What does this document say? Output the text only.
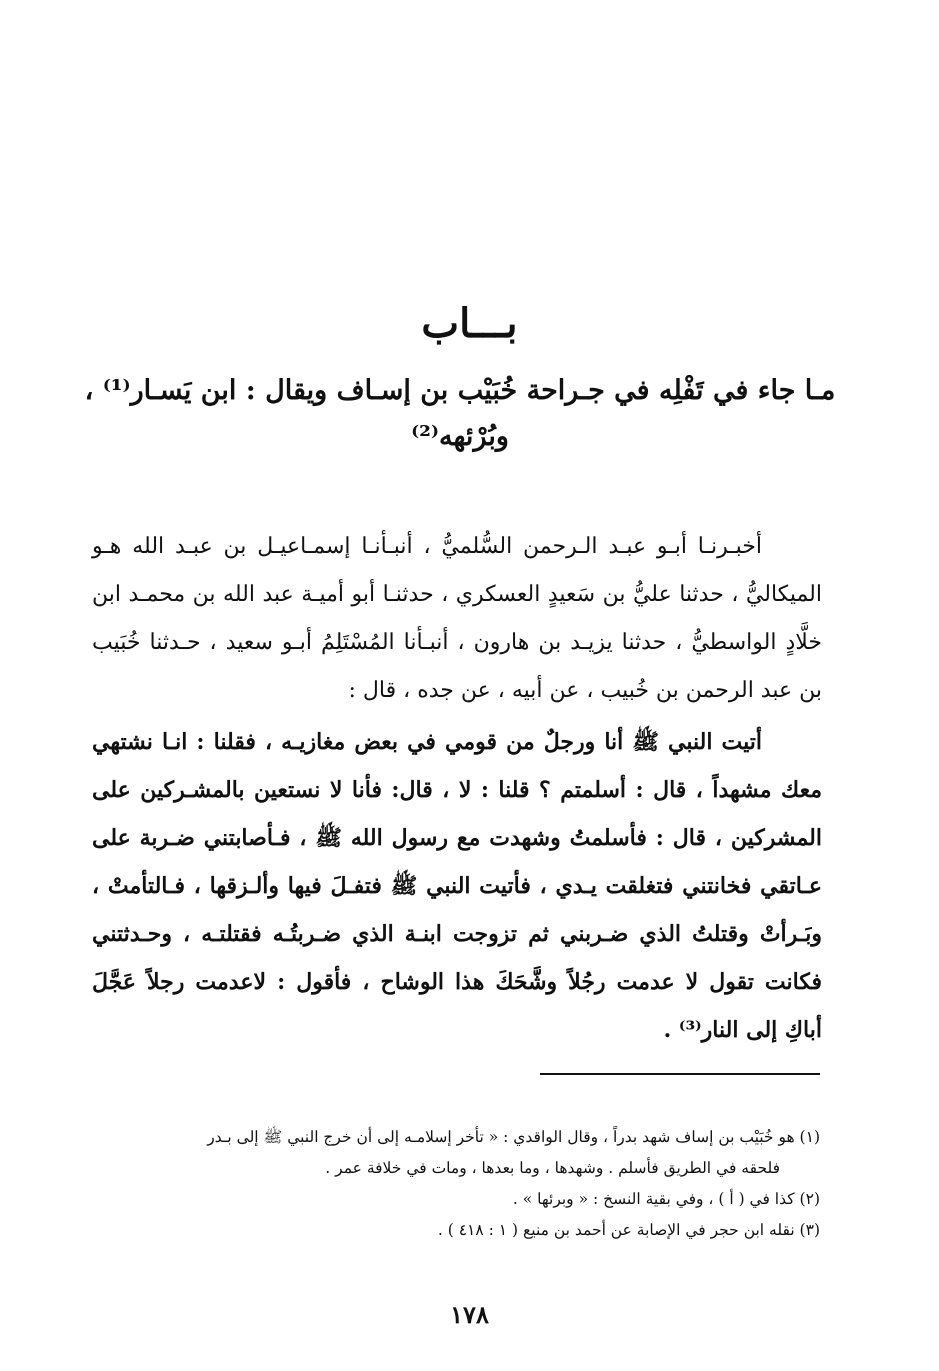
بـــاب
مـا جاء في تَفْلِه في جـراحة خُبَيْب بن إسـاف ويقال : ابن يَسـار⁽¹⁾ ، وبُرْئهه⁽²⁾

أخبـرنـا أبـو عبـد الـرحمن السُّلميُّ ، أنبـأنـا إسمـاعيـل بن عبـد الله هـو الميكاليُّ ، حدثنا عليُّ بن سَعيدٍ العسكري ، حدثنـا أبو أميـة عبد الله بن محمـد ابن خلَّادٍ الواسطيُّ ، حدثنا يزيـد بن هارون ، أنبـأنا المُسْتَلِمُ أبـو سعيد ، حـدثنا خُبَيب بن عبد الرحمن بن خُبيب ، عن أبيه ، عن جده ، قال :

أتيت النبي ﷺ أنا ورجلٌ من قومي في بعض مغازيـه ، فقلنا : انـا نشتهي معك مشهداً ، قال : أسلمتم ؟ قلنا : لا ، قال: فأنا لا نستعين بالمشـركين على المشركين ، قال : فأسلمتُ وشهدت مع رسول الله ﷺ ، فـأصابتني ضـربة على عـاتقي فخانتني فتغلقت يـدي ، فأتيت النبي ﷺ فتفـلَ فيها وألـزقها ، فـالتأمتْ ، وبَـرأتْ وقتلتُ الذي ضـربني ثم تزوجت ابنـة الذي ضـربتُـه فقتلتـه ، وحـدثتني فكانت تقول لا عدمت رجُلاً وشَّحَكَ هذا الوشاح ، فأقول : لاعدمت رجلاً عَجَّلَ أباكِ إلى النار⁽³⁾ .

(١) هو خُبَيْب بن إساف شهد بدراً ، وقال الواقدي : « تأخر إسلامـه إلى أن خرج النبي ﷺ إلى بـدر

فلحقه في الطريق فأسلم . وشهدها ، وما بعدها ، ومات في خلافة عمر .

(٢) كذا في ( أ ) ، وفي بقية النسخ : « وبرئها » .

(٣) نقله ابن حجر في الإصابة عن أحمد بن منيع ( ١ : ٤١٨ ) .

١٧٨
